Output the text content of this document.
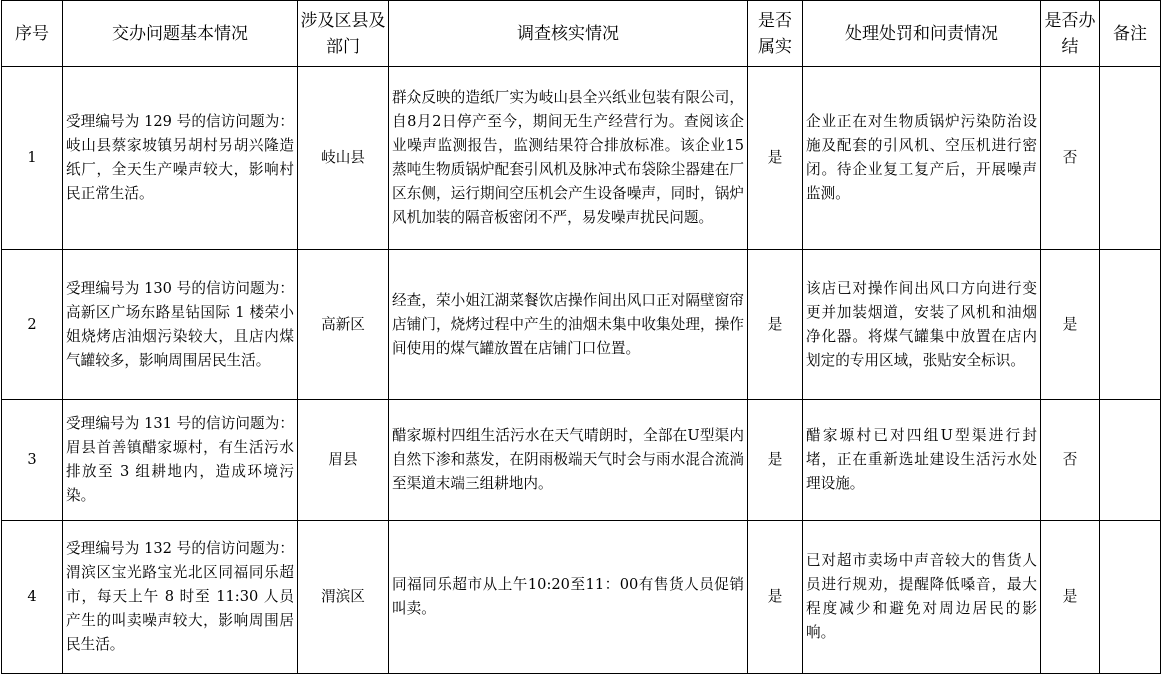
序号	交办问题基本情况	涉及区县及部门	调查核实情况	是否属实	处理处罚和问责情况	是否办结	备注
1	受理编号为 129 号的信访问题为：岐山县蔡家坡镇另胡村另胡兴隆造纸厂，全天生产噪声较大，影响村民正常生活。	岐山县	群众反映的造纸厂实为岐山县全兴纸业包装有限公司，自8月2日停产至今，期间无生产经营行为。查阅该企业噪声监测报告，监测结果符合排放标准。该企业15蒸吨生物质锅炉配套引风机及脉冲式布袋除尘器建在厂区东侧，运行期间空压机会产生设备噪声，同时，锅炉风机加装的隔音板密闭不严，易发噪声扰民问题。	是	企业正在对生物质锅炉污染防治设施及配套的引风机、空压机进行密闭。待企业复工复产后，开展噪声监测。	否	
2	受理编号为 130 号的信访问题为：高新区广场东路星钻国际 1 楼荣小姐烧烤店油烟污染较大，且店内煤气罐较多，影响周围居民生活。	高新区	经查，荣小姐江湖菜餐饮店操作间出风口正对隔壁窗帘店铺门，烧烤过程中产生的油烟未集中收集处理，操作间使用的煤气罐放置在店铺门口位置。	是	该店已对操作间出风口方向进行变更并加装烟道，安装了风机和油烟净化器。将煤气罐集中放置在店内划定的专用区域，张贴安全标识。	是	
3	受理编号为 131 号的信访问题为：眉县首善镇醋家塬村，有生活污水排放至 3 组耕地内，造成环境污染。	眉县	醋家塬村四组生活污水在天气晴朗时，全部在U型渠内自然下渗和蒸发，在阴雨极端天气时会与雨水混合流淌至渠道末端三组耕地内。	是	醋家塬村已对四组U型渠进行封堵，正在重新选址建设生活污水处理设施。	否	
4	受理编号为 132 号的信访问题为：渭滨区宝光路宝光北区同福同乐超市，每天上午 8 时至 11:30 人员产生的叫卖噪声较大，影响周围居民生活。	渭滨区	同福同乐超市从上午10:20至11：00有售货人员促销叫卖。	是	已对超市卖场中声音较大的售货人员进行规劝，提醒降低嗓音，最大程度减少和避免对周边居民的影响。	是	
